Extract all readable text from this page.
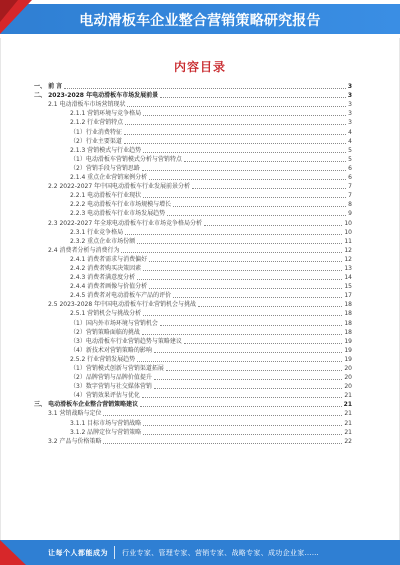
电动滑板车企业整合营销策略研究报告
内容目录
一、 前 言	3
二、 2023-2028 年电动滑板车市场发展前景	3
2.1 电动滑板车市场营销现状	3
2.1.1 营销环境与竞争格局	3
2.1.2 行业营销特点	3
（1）行业消费特征	4
（2）行业主要渠道	4
2.1.3 营销模式与行业趋势	5
（1）电动滑板车营销模式分析与营销特点	5
（2）营销手段与营销思路	6
2.1.4 重点企业营销案例分析	6
2.2 2022-2027 年中国电动滑板车行业发展前景分析	7
2.2.1 电动滑板车行业现状	7
2.2.2 电动滑板车行业市场规模与增长	8
2.2.3 电动滑板车行业市场发展趋势	9
2.3 2022-2027 年全球电动滑板车行业市场竞争格局分析	10
2.3.1 行业竞争格局	10
2.3.2 重点企业市场份额	11
2.4 消费者分析与消费行为	12
2.4.1 消费者需求与消费偏好	12
2.4.2 消费者购买决策因素	13
2.4.3 消费者满意度分析	14
2.4.4 消费者画像与价值分析	15
2.4.5 消费者对电动滑板车产品的评价	17
2.5 2023-2028 年中国电动滑板车行业营销机会与挑战	18
2.5.1 营销机会与挑战分析	18
（1）国内外市场环境与营销机会	18
（2）营销策略面临的挑战	18
（3）电动滑板车行业营销趋势与策略建议	19
（4）新技术对营销策略的影响	19
2.5.2 行业营销发展趋势	19
（1）营销模式创新与营销渠道拓展	20
（2）品牌营销与品牌价值提升	20
（3）数字营销与社交媒体营销	20
（4）营销效果评估与优化	21
三、 电动滑板车企业整合营销策略建议	21
3.1 营销战略与定位	21
3.1.1 目标市场与营销战略	21
3.1.2 品牌定位与营销策略	21
3.2 产品与价格策略	22
让每个人都能成为 行业专家、管理专家、营销专家、战略专家、成功企业家……
